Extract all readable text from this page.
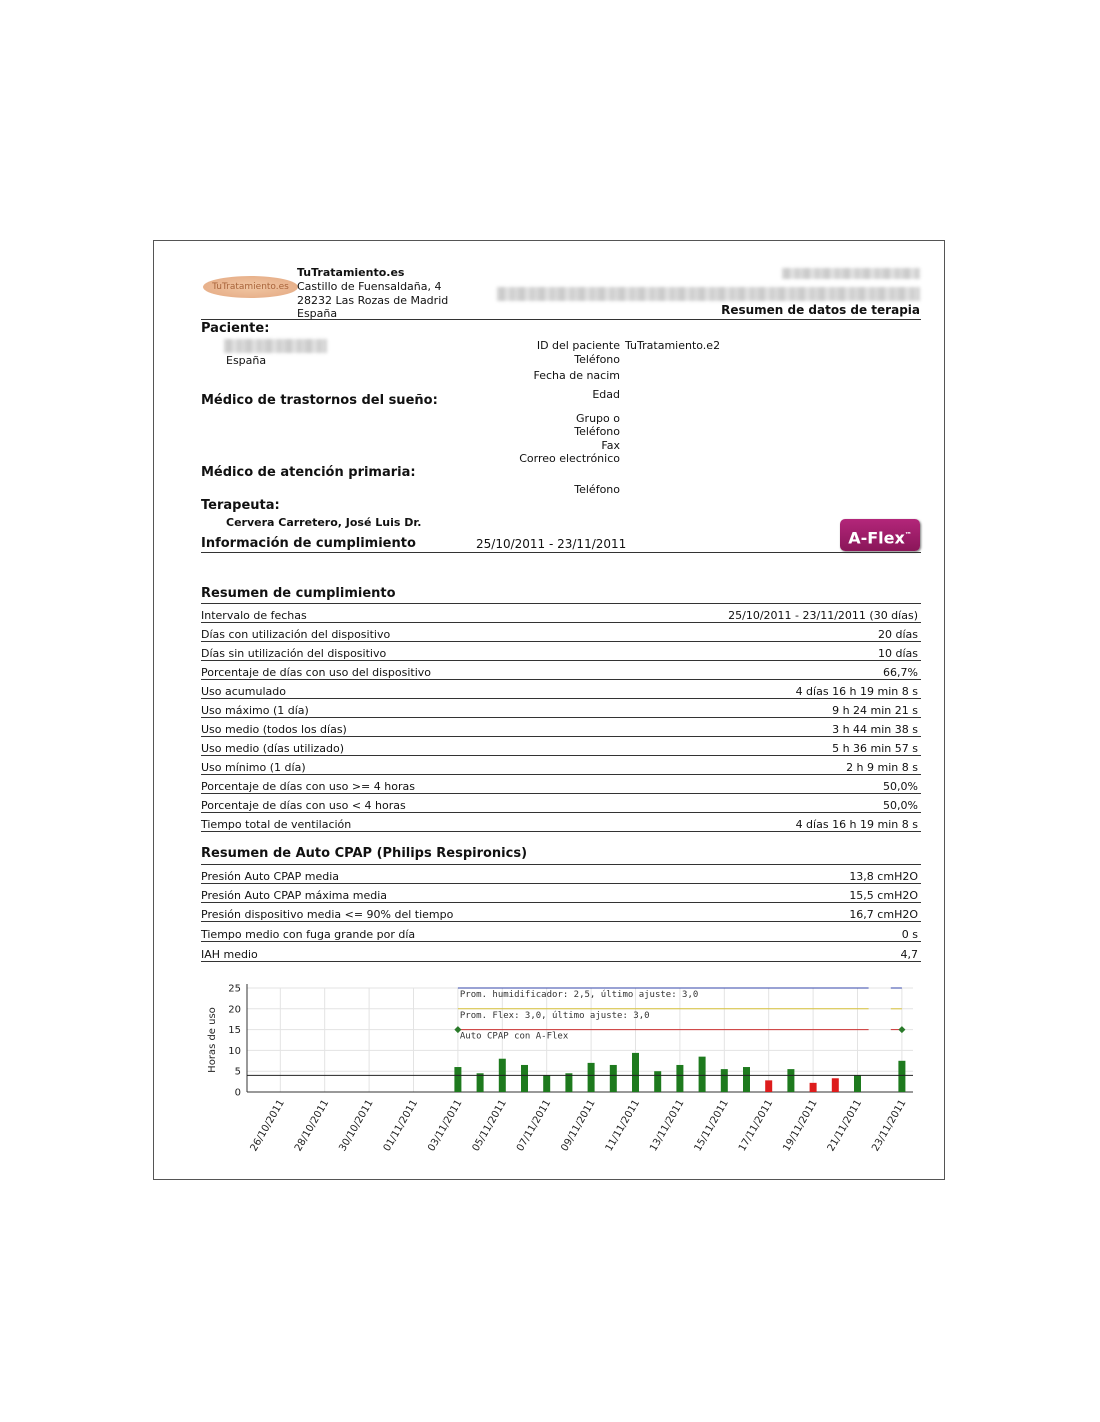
TuTratamiento.es
TuTratamiento.es
Castillo de Fuensaldaña, 4
28232 Las Rozas de Madrid
España	Resumen de datos de terapia
Paciente:
España
ID del paciente TuTratamiento.e2
Teléfono
Fecha de nacim
Edad
Médico de trastornos del sueño:
Grupo o
Teléfono
Fax
Correo electrónico
Médico de atención primaria:
Teléfono
Terapeuta:
Cervera Carretero, José Luis Dr.
Información de cumplimiento	25/10/2011 - 23/11/2011	A-Flex™
Resumen de cumplimiento
Intervalo de fechas	25/10/2011 - 23/11/2011 (30 días)
Días con utilización del dispositivo	20 días
Días sin utilización del dispositivo	10 días
Porcentaje de días con uso del dispositivo	66,7%
Uso acumulado	4 días 16 h 19 min 8 s
Uso máximo (1 día)	9 h 24 min 21 s
Uso medio (todos los días)	3 h 44 min 38 s
Uso medio (días utilizado)	5 h 36 min 57 s
Uso mínimo (1 día)	2 h 9 min 8 s
Porcentaje de días con uso >= 4 horas	50,0%
Porcentaje de días con uso < 4 horas	50,0%
Tiempo total de ventilación	4 días 16 h 19 min 8 s
Resumen de Auto CPAP (Philips Respironics)
Presión Auto CPAP media	13,8 cmH2O
Presión Auto CPAP máxima media	15,5 cmH2O
Presión dispositivo media <= 90% del tiempo	16,7 cmH2O
Tiempo medio con fuga grande por día	0 s
IAH medio	4,7
0
5
10
15
20
25
Horas de uso
Prom. humidificador: 2,5, último ajuste: 3,0
Prom. Flex: 3,0, último ajuste: 3,0
Auto CPAP con A-Flex
26/10/2011 28/10/2011 30/10/2011 01/11/2011 03/11/2011 05/11/2011 07/11/2011 09/11/2011 11/11/2011 13/11/2011 15/11/2011 17/11/2011 19/11/2011 21/11/2011 23/11/2011
